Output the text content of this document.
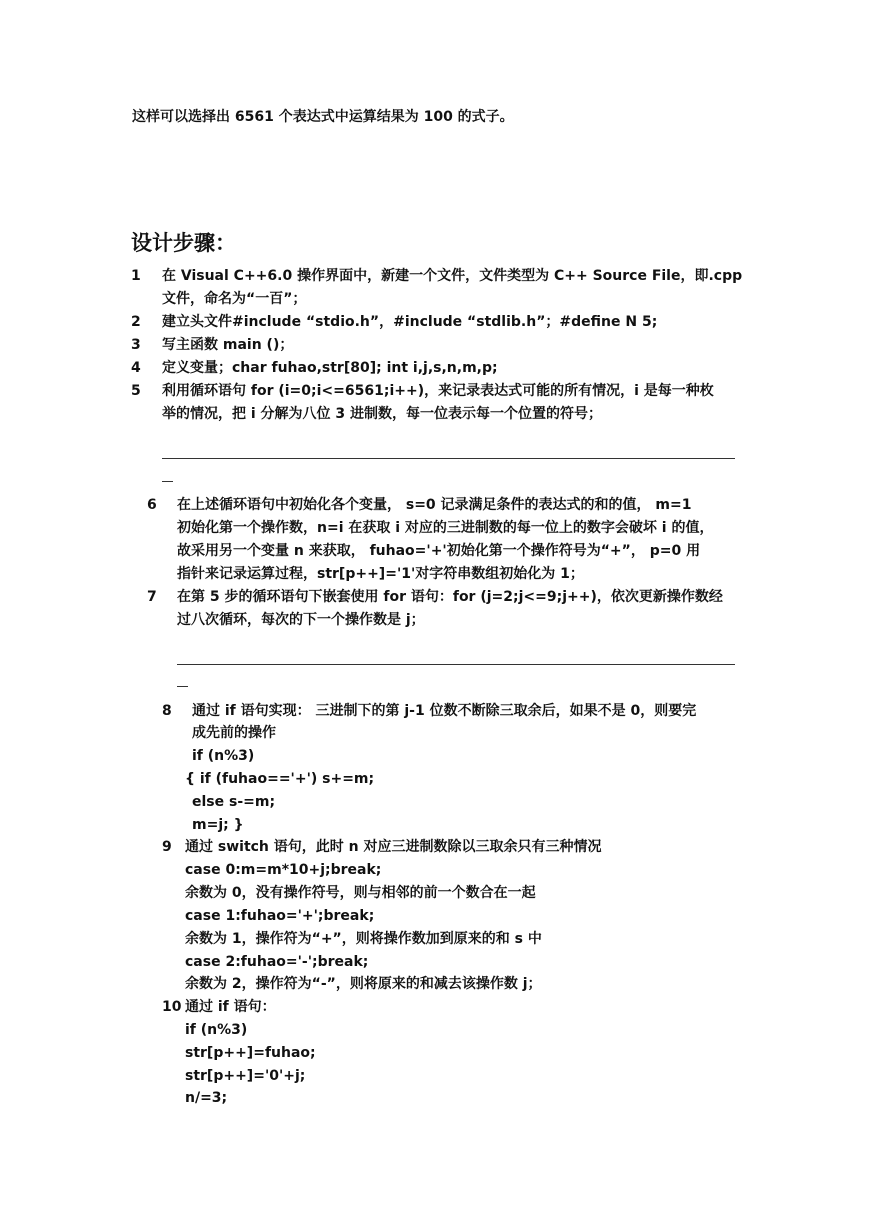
这样可以选择出 6561 个表达式中运算结果为 100 的式子。
设计步骤：
1 在 Visual C++6.0 操作界面中，新建一个文件，文件类型为 C++ Source File，即.cpp
文件，命名为“一百”；
2 建立头文件#include “stdio.h”，#include “stdlib.h”；#define N 5;
3 写主函数 main ()；
4 定义变量；char fuhao,str[80]; int i,j,s,n,m,p;
5 利用循环语句 for (i=0;i<=6561;i++)，来记录表达式可能的所有情况，i 是每一种枚
举的情况，把 i 分解为八位 3 进制数，每一位表示每一个位置的符号；
6 在上述循环语句中初始化各个变量， s=0 记录满足条件的表达式的和的值， m=1
初始化第一个操作数，n=i 在获取 i 对应的三进制数的每一位上的数字会破坏 i 的值，
故采用另一个变量 n 来获取， fuhao='+'初始化第一个操作符号为“+”， p=0 用
指针来记录运算过程，str[p++]='1'对字符串数组初始化为 1；
7 在第 5 步的循环语句下嵌套使用 for 语句：for (j=2;j<=9;j++)，依次更新操作数经
过八次循环，每次的下一个操作数是 j；
8 通过 if 语句实现： 三进制下的第 j-1 位数不断除三取余后，如果不是 0，则要完
成先前的操作
if (n%3)
{ if (fuhao=='+') s+=m;
else s-=m;
m=j; }
9 通过 switch 语句，此时 n 对应三进制数除以三取余只有三种情况
case 0:m=m*10+j;break;
余数为 0，没有操作符号，则与相邻的前一个数合在一起
case 1:fuhao='+';break;
余数为 1，操作符为“+”，则将操作数加到原来的和 s 中
case 2:fuhao='-';break;
余数为 2，操作符为“-”，则将原来的和减去该操作数 j；
10 通过 if 语句：
if (n%3)
str[p++]=fuhao;
str[p++]='0'+j;
n/=3;
